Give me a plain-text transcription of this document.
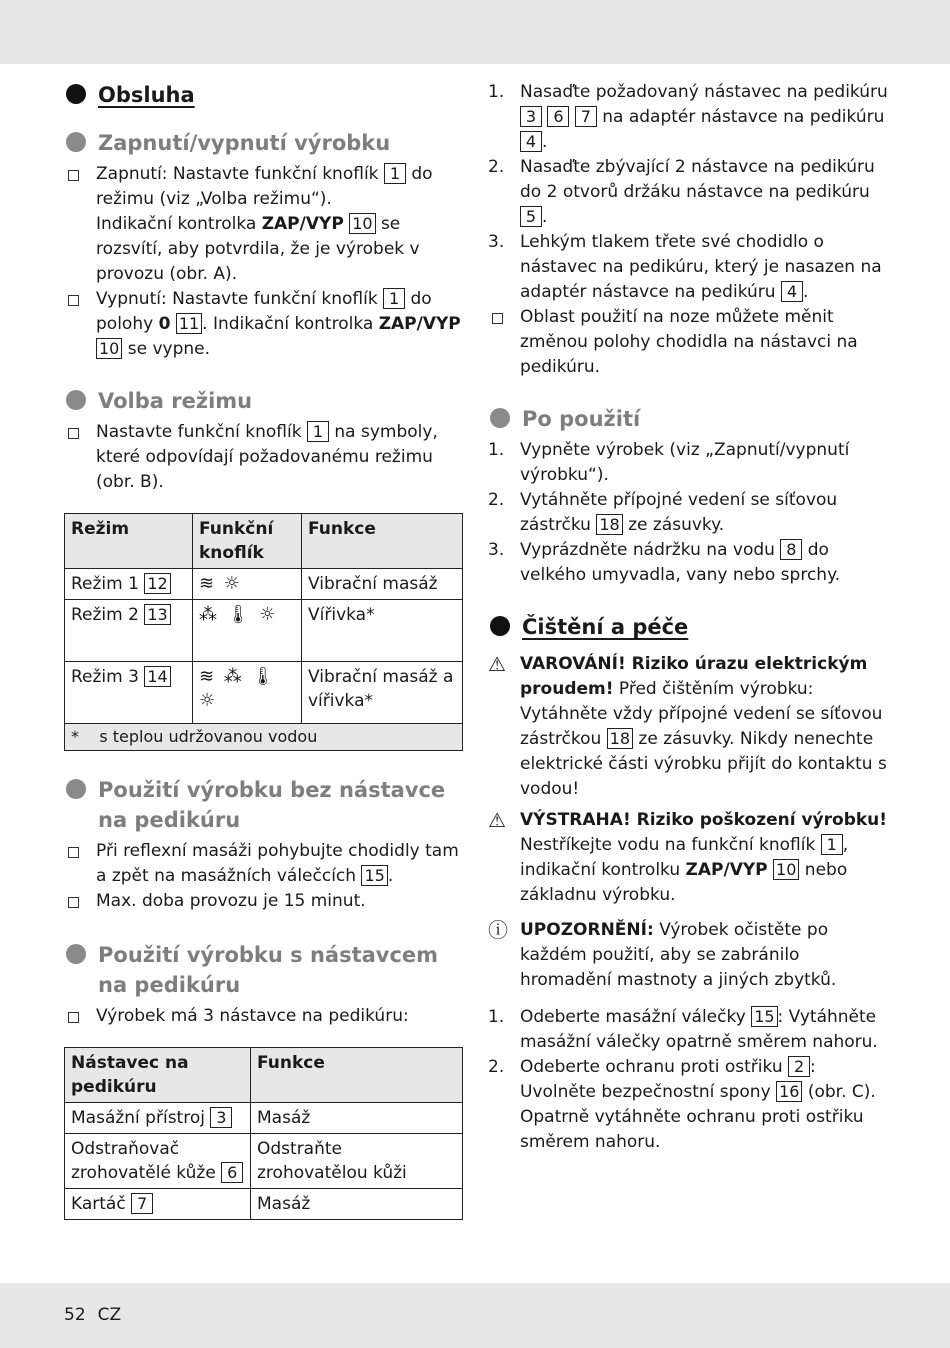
Obsluha
Zapnutí/vypnutí výrobku
Zapnutí: Nastavte funkční knoflík 1 do režimu (viz „Volba režimu“).
Indikační kontrolka ZAP/VYP 10 se rozsvítí, aby potvrdila, že je výrobek v provozu (obr. A).
Vypnutí: Nastavte funkční knoflík 1 do polohy 0 11 . Indikační kontrolka ZAP/VYP 10 se vypne.
Volba režimu
Nastavte funkční knoflík 1 na symboly, které odpovídají požadovanému režimu (obr. B).
Režim	Funkční knoflík	Funkce
Režim 1 12	≋ ☼	Vibrační masáž
Režim 2 13	⁂ 🌡 ☼	Vířivka*
Režim 3 14	≋ ⁂ 🌡 ☼	Vibrační masáž a vířivka*
* s teplou udržovanou vodou
Použití výrobku bez nástavce na pedikúru
Při reflexní masáži pohybujte chodidly tam a zpět na masážních válečcích 15 .
Max. doba provozu je 15 minut.
Použití výrobku s nástavcem na pedikúru
Výrobek má 3 nástavce na pedikúru:
Nástavec na pedikúru	Funkce
Masážní přístroj 3	Masáž
Odstraňovač zrohovatělé kůže 6	Odstraňte zrohovatělou kůži
Kartáč 7	Masáž
1. Nasaďte požadovaný nástavec na pedikúru 3 6 7 na adaptér nástavce na pedikúru 4 .
2. Nasaďte zbývající 2 nástavce na pedikúru do 2 otvorů držáku nástavce na pedikúru 5 .
3. Lehkým tlakem třete své chodidlo o nástavec na pedikúru, který je nasazen na adaptér nástavce na pedikúru 4 .
Oblast použití na noze můžete měnit změnou polohy chodidla na nástavci na pedikúru.
Po použití
1. Vypněte výrobek (viz „Zapnutí/vypnutí výrobku“).
2. Vytáhněte přípojné vedení se síťovou zástrčku 18 ze zásuvky.
3. Vyprázdněte nádržku na vodu 8 do velkého umyvadla, vany nebo sprchy.
Čištění a péče
⚠ VAROVÁNÍ! Riziko úrazu elektrickým proudem! Před čištěním výrobku: Vytáhněte vždy přípojné vedení se síťovou zástrčkou 18 ze zásuvky. Nikdy nenechte elektrické části výrobku přijít do kontaktu s vodou!
⚠ VÝSTRAHA! Riziko poškození výrobku! Nestříkejte vodu na funkční knoflík 1 , indikační kontrolku ZAP/VYP 10 nebo základnu výrobku.
ⓘ UPOZORNĚNÍ: Výrobek očistěte po každém použití, aby se zabránilo hromadění mastnoty a jiných zbytků.
1. Odeberte masážní válečky 15 : Vytáhněte masážní válečky opatrně směrem nahoru.
2. Odeberte ochranu proti ostřiku 2 : Uvolněte bezpečnostní spony 16 (obr. C). Opatrně vytáhněte ochranu proti ostřiku směrem nahoru.
52 CZ
